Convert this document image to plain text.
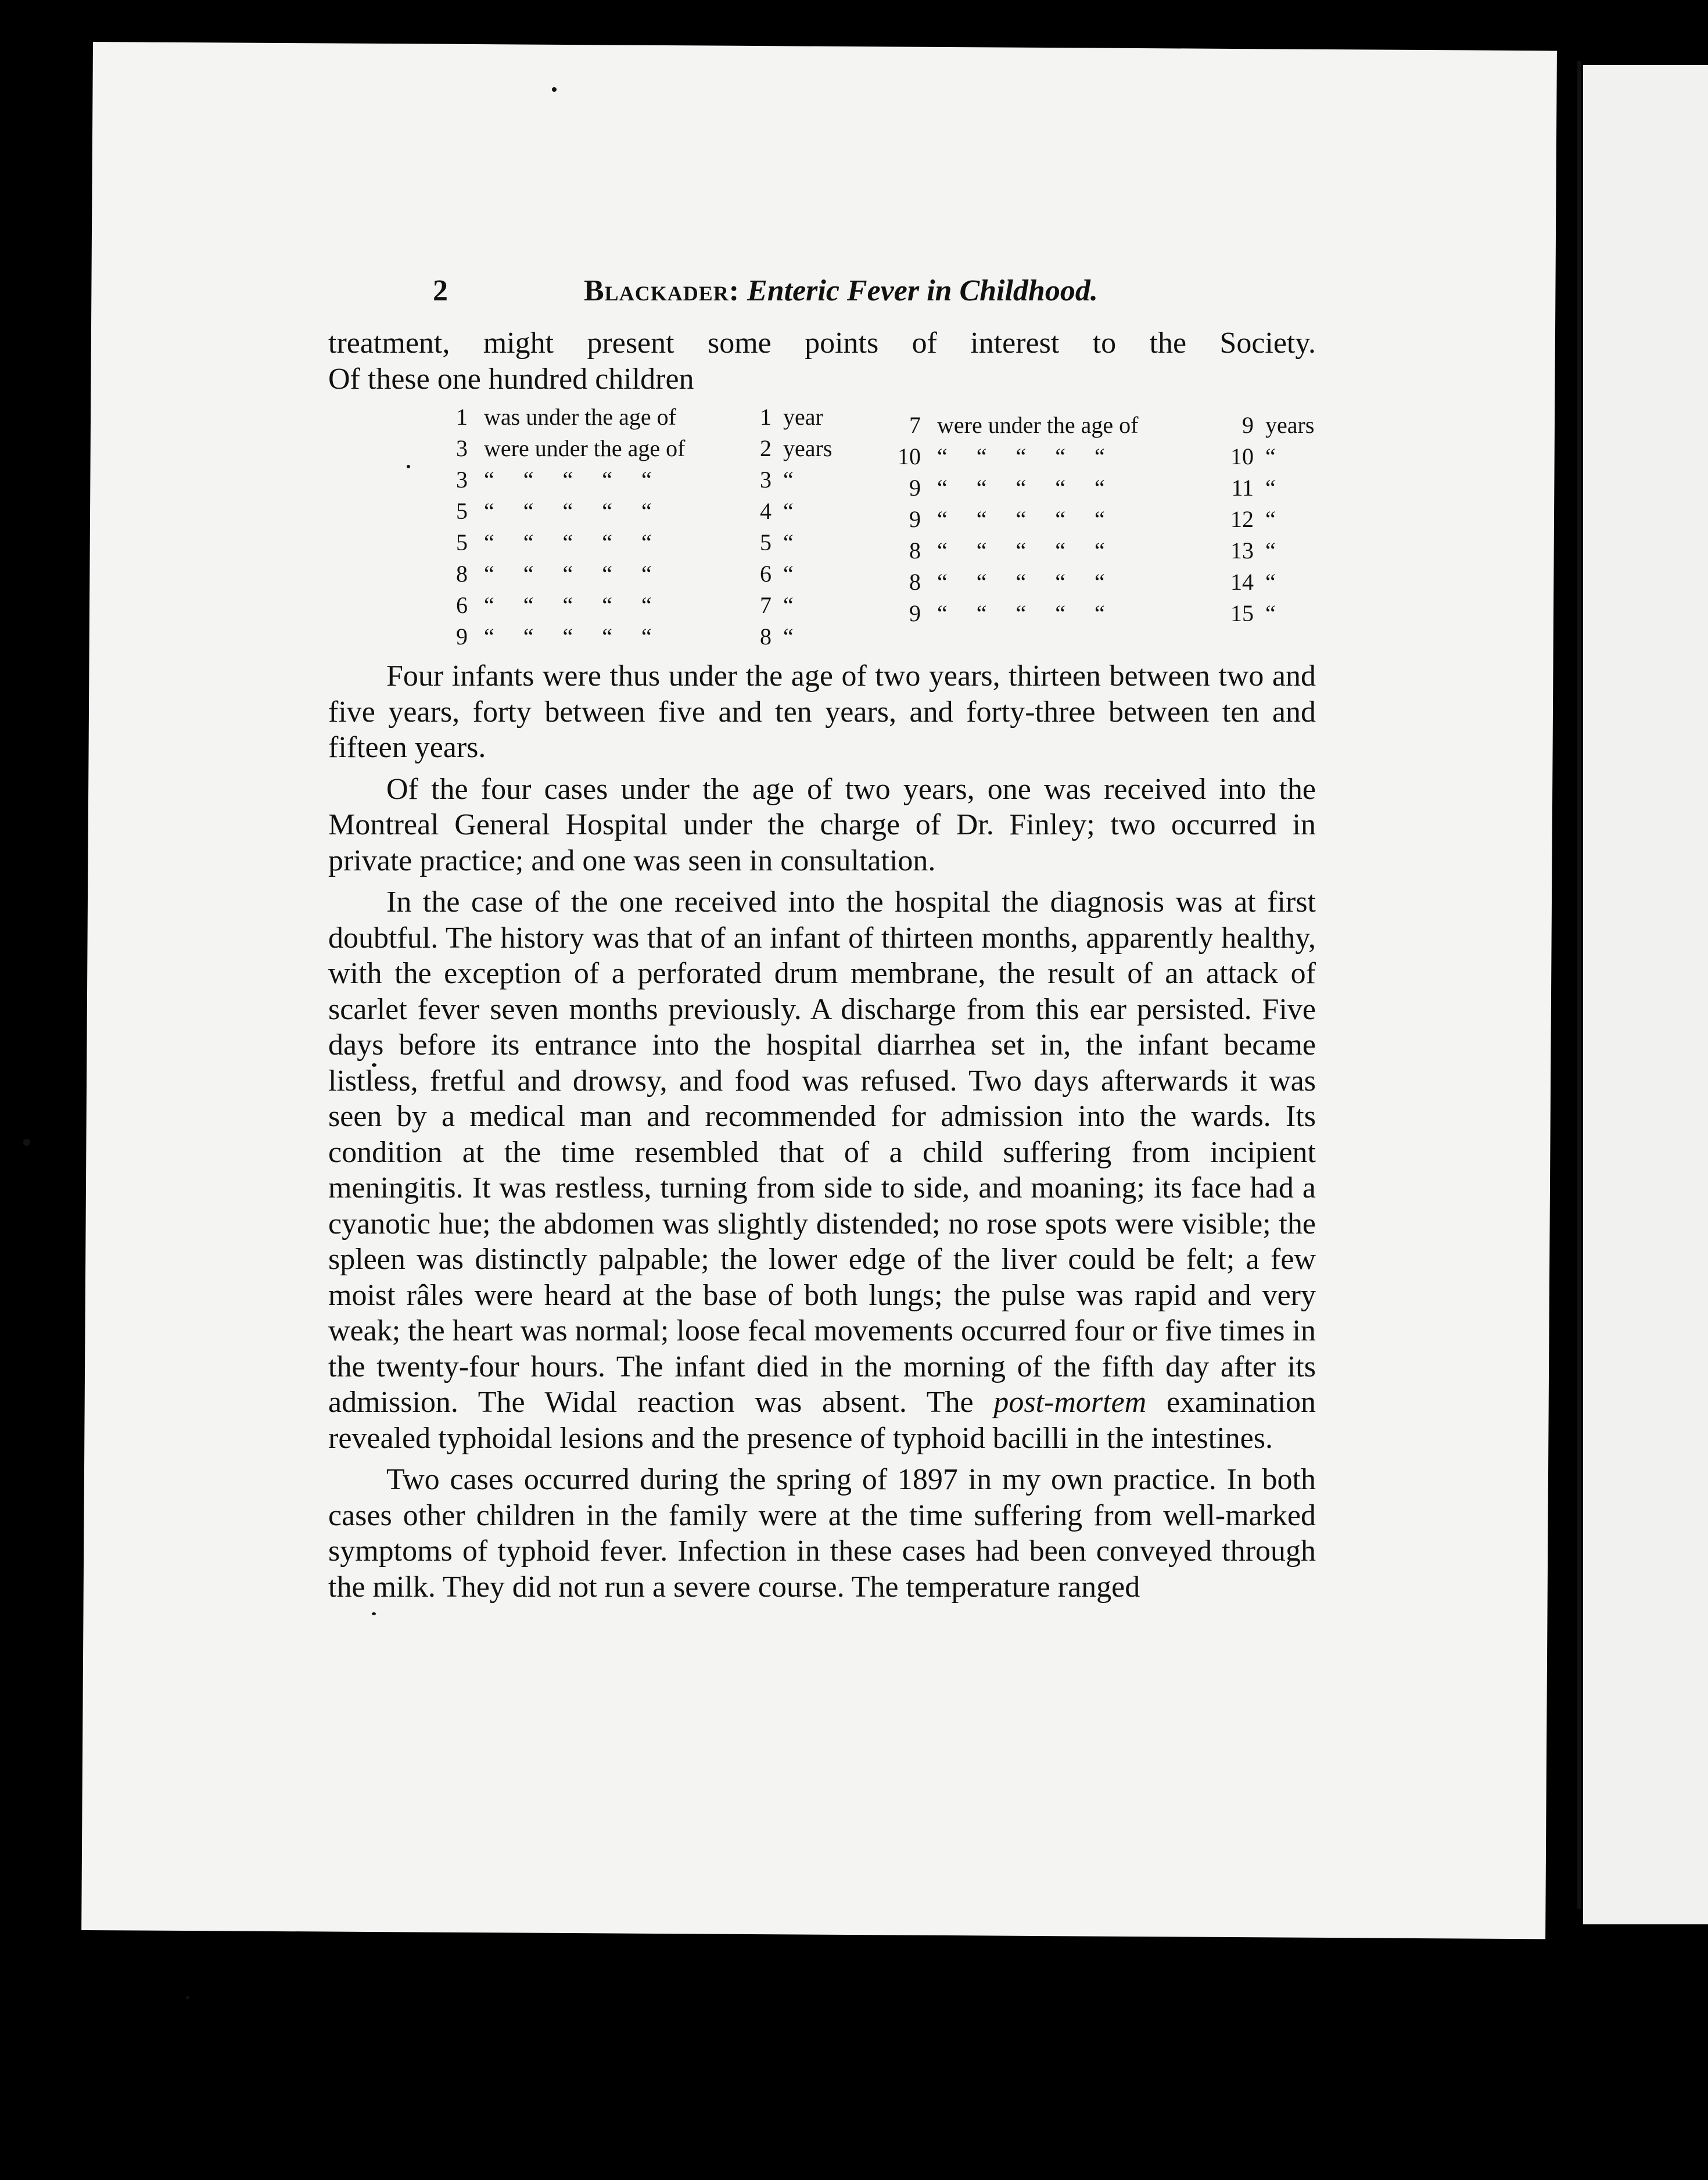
2	Blackader: Enteric Fever in Childhood.

treatment, might present some points of interest to the Society.

Of these one hundred children

1 was under the age of	1 year
3 were under the age of	2 years
3 “     “     “     “     “	3 “
5 “     “     “     “     “	4 “
5 “     “     “     “     “	5 “
8 “     “     “     “     “	6 “
6 “     “     “     “     “	7 “
9 “     “     “     “     “	8 “
7 were under the age of	9 years
10 “     “     “     “     “	10 “
9 “     “     “     “     “	11 “
9 “     “     “     “     “	12 “
8 “     “     “     “     “	13 “
8 “     “     “     “     “	14 “
9 “     “     “     “     “	15 “

Four infants were thus under the age of two years, thirteen between two and five years, forty between five and ten years, and forty-three between ten and fifteen years.

Of the four cases under the age of two years, one was received into the Montreal General Hospital under the charge of Dr. Finley; two occurred in private practice; and one was seen in consultation.

In the case of the one received into the hospital the diagnosis was at first doubtful. The history was that of an infant of thirteen months, apparently healthy, with the exception of a perforated drum membrane, the result of an attack of scarlet fever seven months previously. A discharge from this ear persisted. Five days before its entrance into the hospital diarrhea set in, the infant became listless, fretful and drowsy, and food was refused. Two days afterwards it was seen by a medical man and recommended for admission into the wards. Its condition at the time resembled that of a child suffering from incipient meningitis. It was restless, turning from side to side, and moaning; its face had a cyanotic hue; the abdomen was slightly distended; no rose spots were visible; the spleen was distinctly palpable; the lower edge of the liver could be felt; a few moist râles were heard at the base of both lungs; the pulse was rapid and very weak; the heart was normal; loose fecal movements occurred four or five times in the twenty-four hours. The infant died in the morning of the fifth day after its admission. The Widal reaction was absent. The post-mortem examination revealed typhoidal lesions and the presence of typhoid bacilli in the intestines.

Two cases occurred during the spring of 1897 in my own practice. In both cases other children in the family were at the time suffering from well-marked symptoms of typhoid fever. Infection in these cases had been conveyed through the milk. They did not run a severe course. The temperature ranged
